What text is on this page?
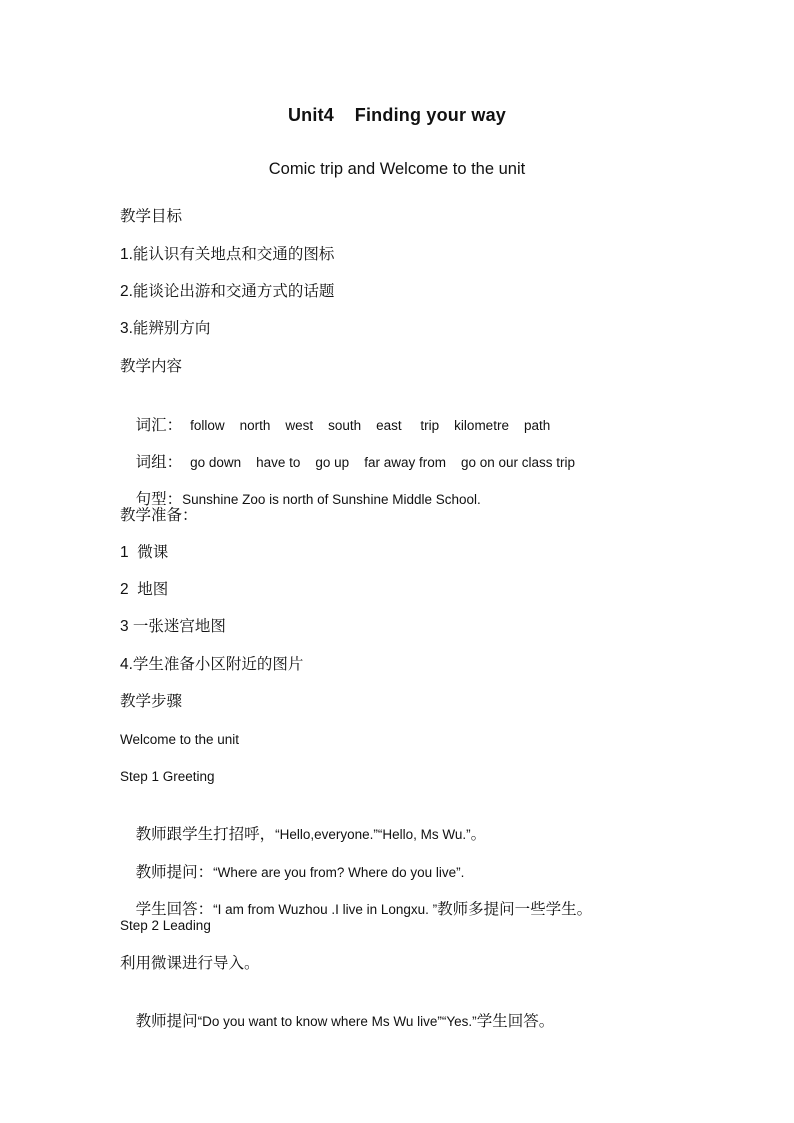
Unit4    Finding your way
Comic trip and Welcome to the unit
教学目标
1.能认识有关地点和交通的图标
2.能谈论出游和交通方式的话题
3.能辨别方向
教学内容

词汇： follow    north    west    south    east     trip    kilometre    path

词组： go down    have to    go up    far away from    go on our class trip

句型：Sunshine Zoo is north of Sunshine Middle School.

教学准备：
1  微课
2  地图
3 一张迷宫地图
4.学生准备小区附近的图片
教学步骤
Welcome to the unit
Step 1 Greeting

教师跟学生打招呼，“Hello,everyone.”“Hello, Ms Wu.”。

教师提问：“Where are you from? Where do you live”.

学生回答：“I am from Wuzhou .I live in Longxu. ”教师多提问一些学生。

Step 2 Leading
利用微课进行导入。

教师提问“Do you want to know where Ms Wu live”“Yes.”学生回答。
